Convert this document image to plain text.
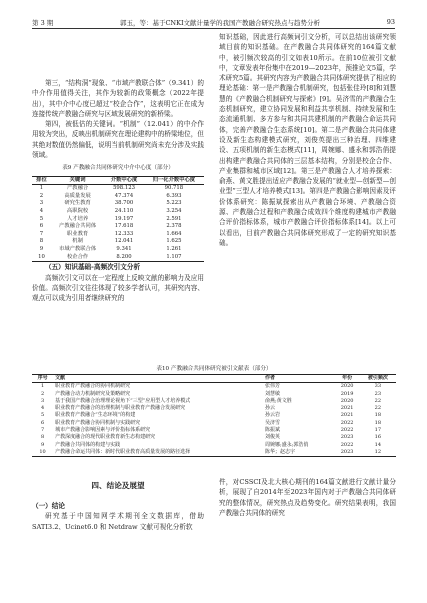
第 3 期	郭玉，等：基于CNKI文献计量学的我国产教融合研究热点与趋势分析	93

第三，“结构洞”现象、“市域产教联合体”（9.341）的中介作用值得关注，其作为较新的政策概念（2022年提出），其中介中心度已超过“校企合作”，这表明它正在成为连接传统产教融合研究与区域发展研究的新桥梁。

第四，被低估的关键词。“机制”（12.041）的中介作用较为突出，反映出机制研究在理论建构中的桥梁地位，但其绝对数值仍然偏低，说明当前机制研究尚未充分涉及实践领域。

表9 产教融合共同体研究中介中心度（部分）
排位	关键词	介数中心度	归一化介数中心度
1	产教融合	598.123	90.718
2	高质量发展	47.374	6.393
3	研究生教育	38.700	5.223
4	高职院校	24.110	3.254
5	人才培养	19.197	2.591
6	产教融合共同体	17.618	2.378
7	职业教育	12.333	1.664
8	机制	12.041	1.625
9	市域产教联合体	9.341	1.261
10	校企合作	8.200	1.107

（五）知识基础-高频次引文分析

高频次引文可以在一定程度上反映文献的影响力及应用价值。高频次引文往往体现了较多学者认可，其研究内容、观点可以成为引用者继续研究的

知识基础，因此进行高频词引文分析，可以总结出该研究领域目前的知识基础。在产教融合共同体研究的164篇文献中，被引频次较高的引文如表10所示。在前10位被引文献中，文章发表年份集中在2019—2023年，预推论文5篇，学术研究5篇。其研究内容为产教融合共同体研究提供了相应的理论基础：第一是产教融合机制研究，包括张佳玲[8]和刘慧慧的《产教融合机制研究与探索》[9]。吴济雪的产教融合生态机制研究，建立协同发展和利益共享机制、持续发展和生态流通机制、多方参与和共同共建机制的产教融合命运共同体，完善产教融合生态系统[10]。第二是产教融合共同体建设及新生态构建模式研究，刘俊英提出三种治理、四维建设、五项机制的新生态模式[11]，周婉娜、盛永和郭浩俏提出构建产教融合共同体的三层基本结构，分别是校企合作、产业集群和城市区域[12]。第三是产教融合人才培养探索：俞燕、黄文胜提出适应产教融合发展的“就业型—创新型—创业型”三型人才培养模式[13]。第四是产教融合影响因素及评价体系研究：陈振斌探索出从产教融合环境、产教融合资源、产教融合过程和产教融合成效四个维度构建城市产教融合评价指标体系，城市产教融合评价指标体系[14]。以上可以看出，目前产教融合共同体研究形成了一定的研究知识基础。

表10 产教融合共同体研究被引文献表（部分）
序号	文献	作者	年份	被引频次
1	职业教育产教融合的协同机制研究	张伟芳	2020	33
2	产教融合动力机制研究及策略研究	刘慧敏	2019	23
3	基于我国产教融合治理理论视角下“三型”应用型人才培养模式	俞燕;黄文胜	2020	22
4	职业教育产教融合的治理机制与职业教育产教融合发展研究	孙云	2021	22
5	职业教育产教融合“生态环境”的构建	孙云岩	2021	18
6	职业教育产教融合协同机制与实践研究	吴济雪	2022	18
7	城市产教融合影响因素与评价指标体系研究	陈振斌	2022	17
8	产教深度融合的现代职业教育新生态构建研究	刘俊英	2023	16
9	产教融合共同体的构建与实践	周婉娜;盛永;郭浩俏	2022	14
10	产教融合命运共同体：新时代职业教育高质量发展的路径选择	陈华；赵志宇	2023	12
四、结论及展望

（一）结论

研究基于中国知网学术期刊全文数据库，借助SATI3.2、Ucinet6.0 和 Netdraw 文献可视化分析软

件，对CSSCI及北大核心期刊的164篇文献进行文献计量分析，展现了自2014年至2023年国内对于产教融合共同体研究的整体情况，研究热点及趋势变化。研究结果表明，我国产教融合共同体的研究
